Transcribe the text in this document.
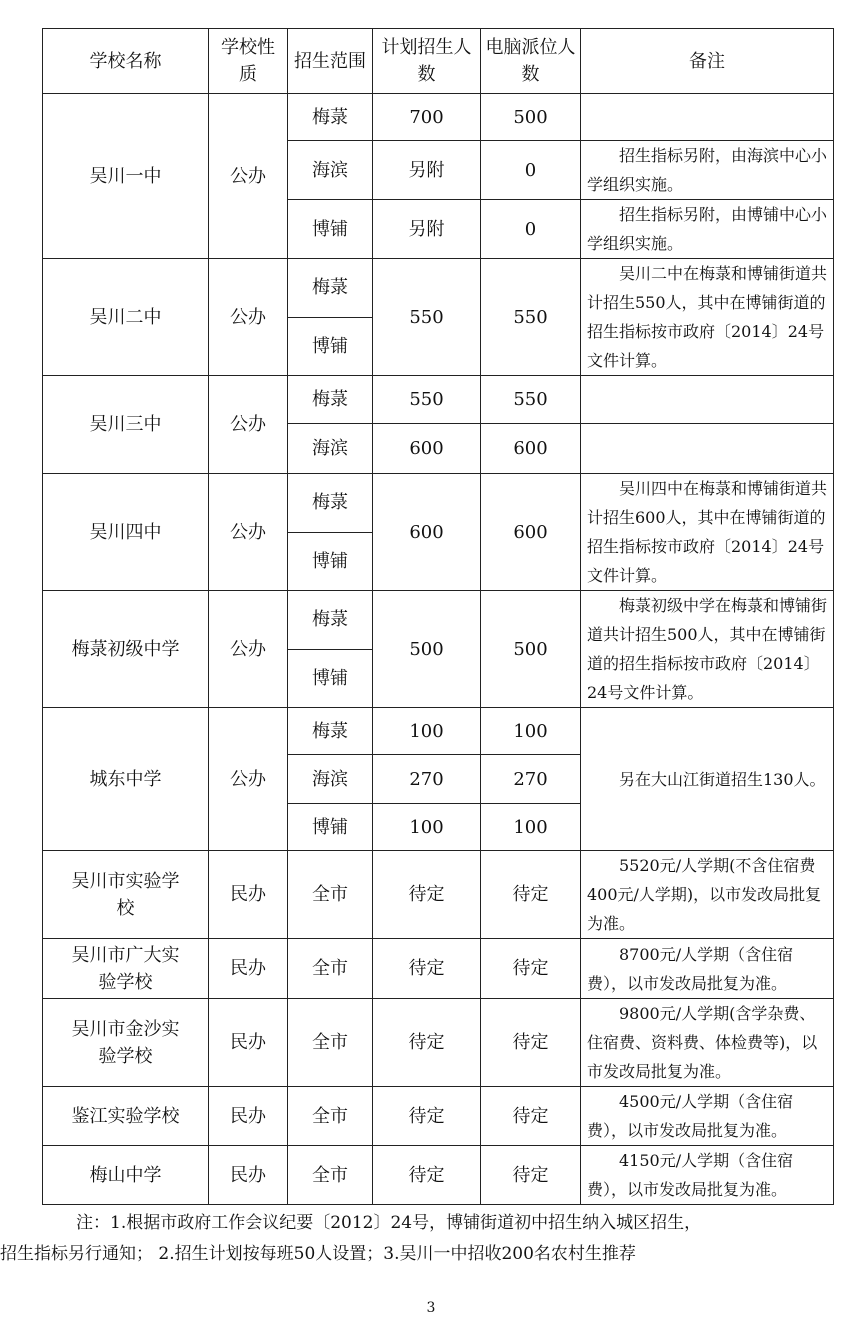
学校名称	学校性质	招生范围	计划招生人数	电脑派位人数	备注
吴川一中	公办	梅菉	700	500	

		海滨	另附	0	招生指标另附，由海滨中心小学组织实施。

		博铺	另附	0	招生指标另附，由博铺中心小学组织实施。

吴川二中	公办	梅菉	550	550	吴川二中在梅菉和博铺街道共计招生550人，其中在博铺街道的招生指标按市政府〔2014〕24号文件计算。

		博铺			
吴川三中	公办	梅菉	550	550	

		海滨	600	600	

吴川四中	公办	梅菉	600	600	吴川四中在梅菉和博铺街道共计招生600人，其中在博铺街道的招生指标按市政府〔2014〕24号文件计算。

		博铺			
梅菉初级中学	公办	梅菉	500	500	梅菉初级中学在梅菉和博铺街道共计招生500人，其中在博铺街道的招生指标按市政府〔2014〕24号文件计算。

		博铺			
城东中学	公办	梅菉	100	100	另在大山江街道招生130人。

		海滨	270	270	
		博铺	100	100	
吴川市实验学校	民办	全市	待定	待定	5520元/人学期(不含住宿费400元/人学期)，以市发改局批复为准。

吴川市广大实验学校	民办	全市	待定	待定	8700元/人学期（含住宿费），以市发改局批复为准。

吴川市金沙实验学校	民办	全市	待定	待定	9800元/人学期(含学杂费、住宿费、资料费、体检费等)，以市发改局批复为准。

鉴江实验学校	民办	全市	待定	待定	4500元/人学期（含住宿费），以市发改局批复为准。

梅山中学	民办	全市	待定	待定	4150元/人学期（含住宿费），以市发改局批复为准。
注：1.根据市政府工作会议纪要〔2012〕24号，博铺街道初中招生纳入城区招生，
招生指标另行通知； 2.招生计划按每班50人设置；3.吴川一中招收200名农村生推荐
3
